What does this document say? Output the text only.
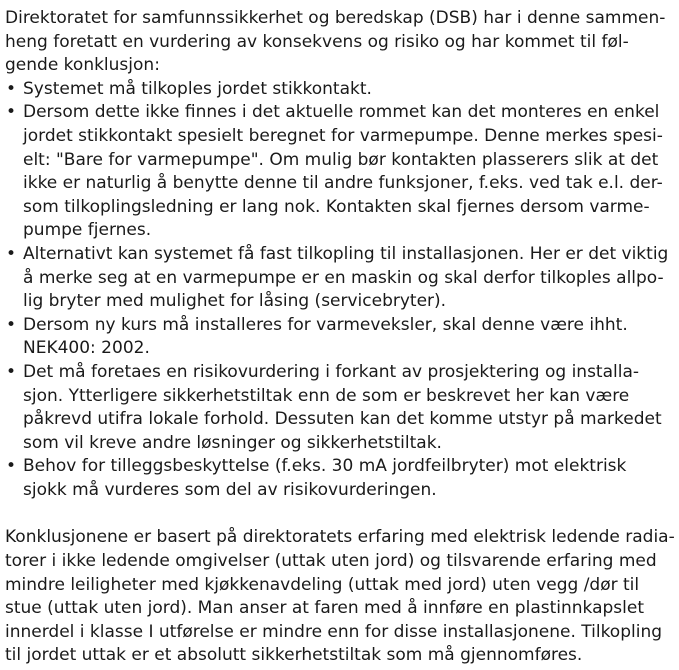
Direktoratet for samfunnssikkerhet og beredskap (DSB) har i denne sammen-
heng foretatt en vurdering av konsekvens og risiko og har kommet til føl-
gende konklusjon:
• Systemet må tilkoples jordet stikkontakt.
• Dersom dette ikke finnes i det aktuelle rommet kan det monteres en enkel
jordet stikkontakt spesielt beregnet for varmepumpe. Denne merkes spesi-
elt: "Bare for varmepumpe". Om mulig bør kontakten plasserers slik at det
ikke er naturlig å benytte denne til andre funksjoner, f.eks. ved tak e.l. der-
som tilkoplingsledning er lang nok. Kontakten skal fjernes dersom varme-
pumpe fjernes.
• Alternativt kan systemet få fast tilkopling til installasjonen. Her er det viktig
å merke seg at en varmepumpe er en maskin og skal derfor tilkoples allpo-
lig bryter med mulighet for låsing (servicebryter).
• Dersom ny kurs må installeres for varmeveksler, skal denne være ihht.
NEK400: 2002.
• Det må foretaes en risikovurdering i forkant av prosjektering og installa-
sjon. Ytterligere sikkerhetstiltak enn de som er beskrevet her kan være
påkrevd utifra lokale forhold. Dessuten kan det komme utstyr på markedet
som vil kreve andre løsninger og sikkerhetstiltak.
• Behov for tilleggsbeskyttelse (f.eks. 30 mA jordfeilbryter) mot elektrisk
sjokk må vurderes som del av risikovurderingen.
Konklusjonene er basert på direktoratets erfaring med elektrisk ledende radia-
torer i ikke ledende omgivelser (uttak uten jord) og tilsvarende erfaring med
mindre leiligheter med kjøkkenavdeling (uttak med jord) uten vegg /dør til
stue (uttak uten jord). Man anser at faren med å innføre en plastinnkapslet
innerdel i klasse I utførelse er mindre enn for disse installasjonene. Tilkopling
til jordet uttak er et absolutt sikkerhetstiltak som må gjennomføres.
